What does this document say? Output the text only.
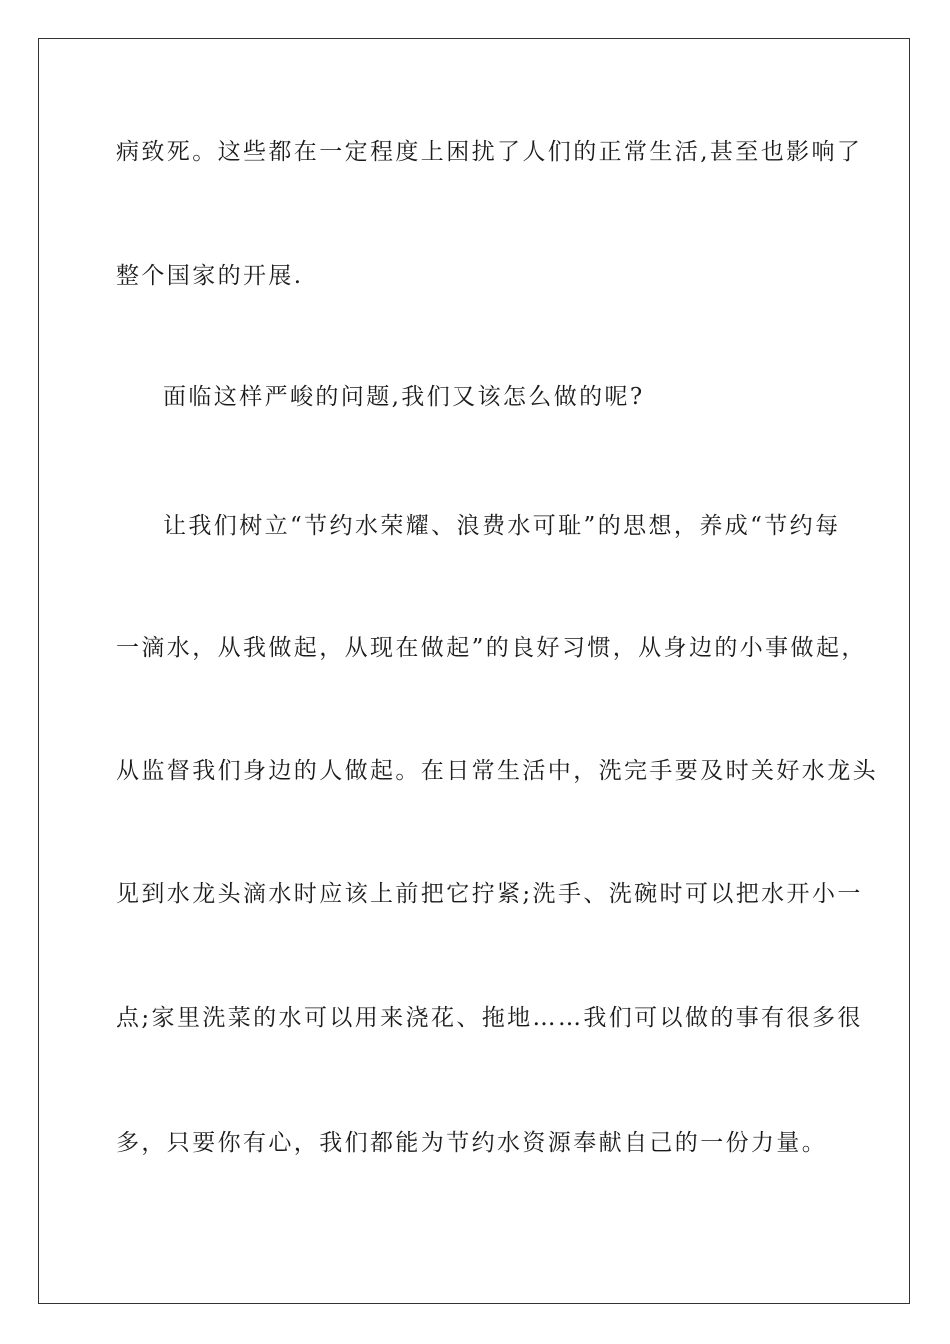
病致死。这些都在一定程度上困扰了人们的正常生活,甚至也影响了
整个国家的开展.
面临这样严峻的问题,我们又该怎么做的呢?
让我们树立“节约水荣耀、浪费水可耻”的思想，养成“节约每
一滴水，从我做起，从现在做起”的良好习惯，从身边的小事做起，
从监督我们身边的人做起。在日常生活中，洗完手要及时关好水龙头
见到水龙头滴水时应该上前把它拧紧;洗手、洗碗时可以把水开小一
点;家里洗菜的水可以用来浇花、拖地……我们可以做的事有很多很
多，只要你有心，我们都能为节约水资源奉献自己的一份力量。
